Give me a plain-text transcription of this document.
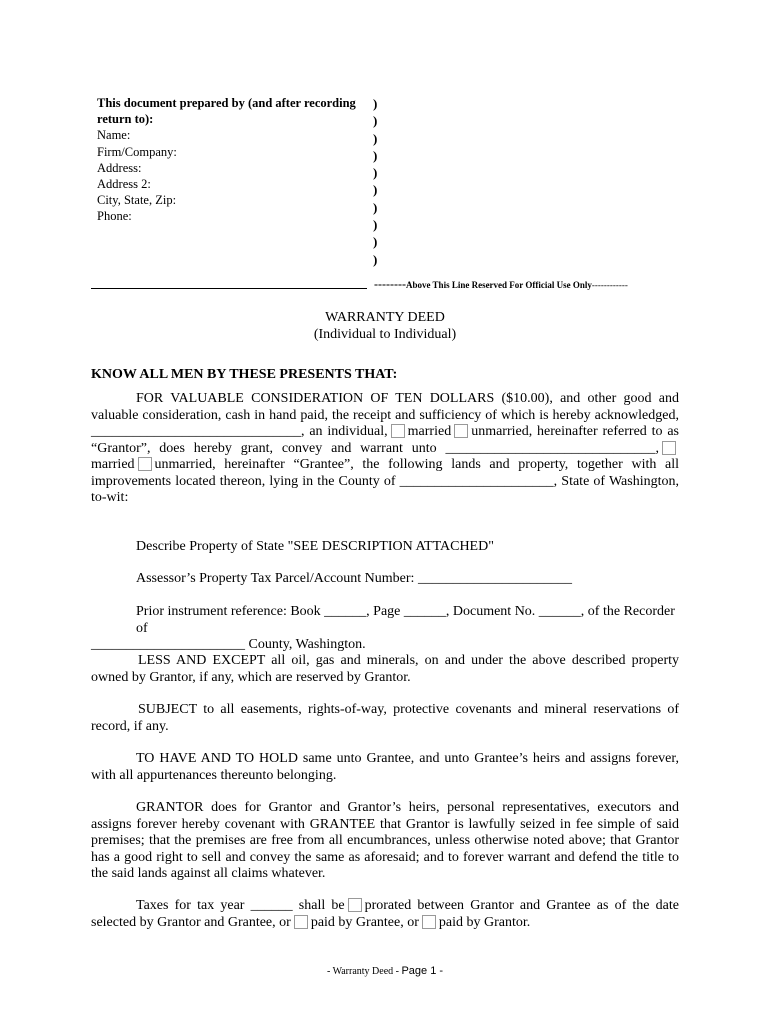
This document prepared by (and after recording return to):
Name:
Firm/Company:
Address:
Address 2:
City, State, Zip:
Phone:
)
)
)
)
)
)
)
)
)
)
--------Above This Line Reserved For Official Use Only------------
WARRANTY DEED
(Individual to Individual)
KNOW ALL MEN BY THESE PRESENTS THAT:
FOR VALUABLE CONSIDERATION OF TEN DOLLARS ($10.00), and other good and valuable consideration, cash in hand paid, the receipt and sufficiency of which is hereby acknowledged, ______________________________, an individual, married unmarried, hereinafter referred to as “Grantor”, does hereby grant, convey and warrant unto ______________________________,married unmarried, hereinafter “Grantee”, the following lands and property, together with all improvements located thereon, lying in the County of ______________________, State of Washington, to-wit:
Describe Property of State "SEE DESCRIPTION ATTACHED"
Assessor’s Property Tax Parcel/Account Number: ______________________
Prior instrument reference: Book ______, Page ______, Document No. ______, of the Recorder of
______________________ County, Washington.
LESS AND EXCEPT all oil, gas and minerals, on and under the above described property owned by Grantor, if any, which are reserved by Grantor.
SUBJECT to all easements, rights-of-way, protective covenants and mineral reservations of record, if any.
TO HAVE AND TO HOLD same unto Grantee, and unto Grantee’s heirs and assigns forever, with all appurtenances thereunto belonging.
GRANTOR does for Grantor and Grantor’s heirs, personal representatives, executors and assigns forever hereby covenant with GRANTEE that Grantor is lawfully seized in fee simple of said premises; that the premises are free from all encumbrances, unless otherwise noted above; that Grantor has a good right to sell and convey the same as aforesaid; and to forever warrant and defend the title to the said lands against all claims whatever.
Taxes for tax year ______ shall be prorated between Grantor and Grantee as of the date selected by Grantor and Grantee, or paid by Grantee, or paid by Grantor.
- Warranty Deed - Page 1 -
